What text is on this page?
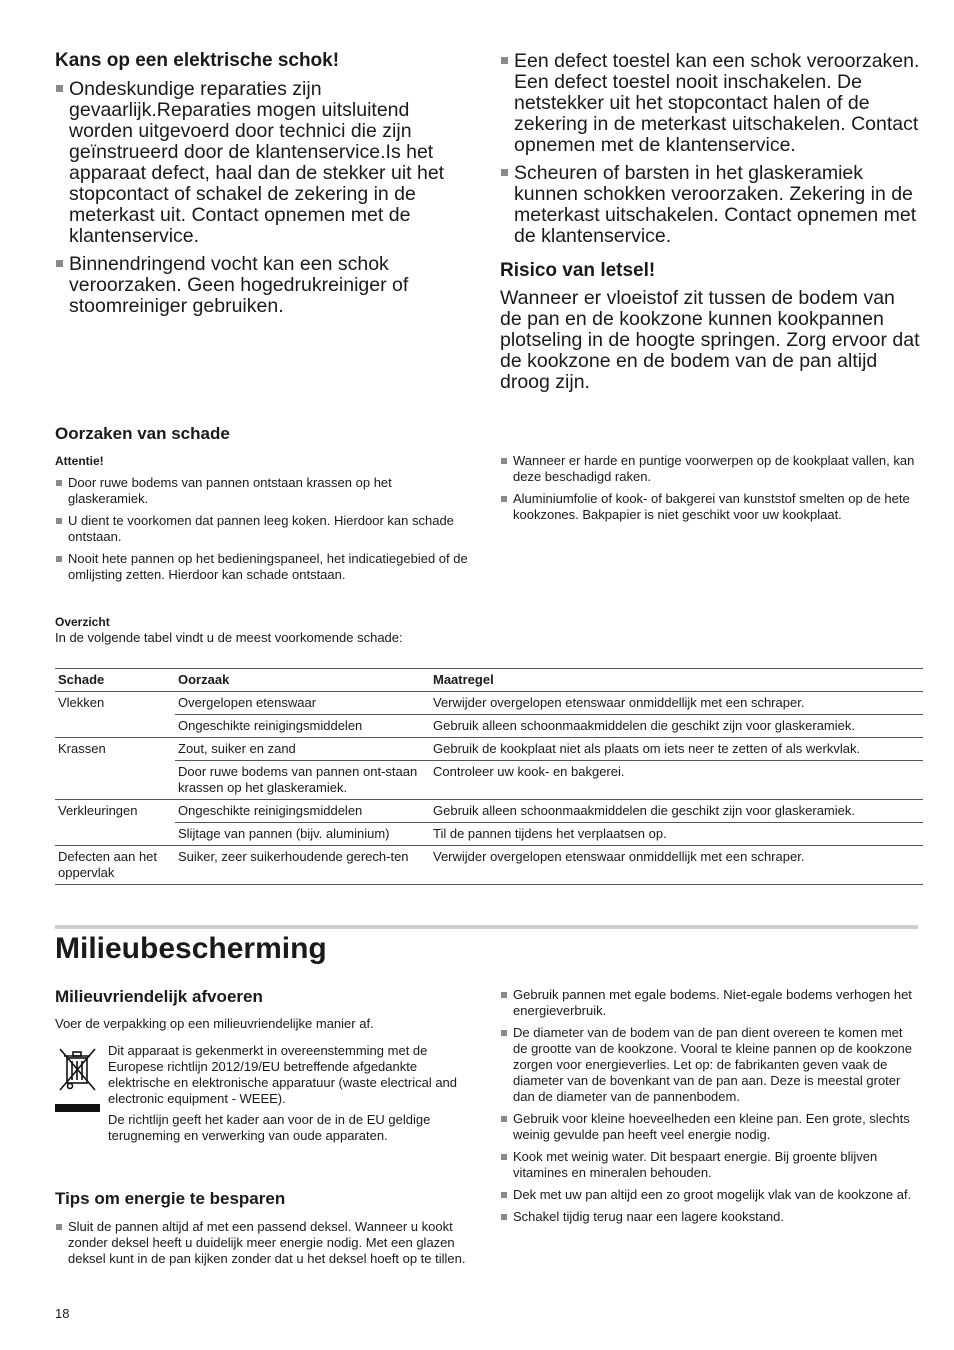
Kans op een elektrische schok!
Ondeskundige reparaties zijn gevaarlijk.Reparaties mogen uitsluitend worden uitgevoerd door technici die zijn geïnstrueerd door de klantenservice.Is het apparaat defect, haal dan de stekker uit het stopcontact of schakel de zekering in de meterkast uit. Contact opnemen met de klantenservice.
Binnendringend vocht kan een schok veroorzaken. Geen hogedrukreiniger of stoomreiniger gebruiken.
Een defect toestel kan een schok veroorzaken. Een defect toestel nooit inschakelen. De netstekker uit het stopcontact halen of de zekering in de meterkast uitschakelen. Contact opnemen met de klantenservice.
Scheuren of barsten in het glaskeramiek kunnen schokken veroorzaken. Zekering in de meterkast uitschakelen. Contact opnemen met de klantenservice.
Risico van letsel!

Wanneer er vloeistof zit tussen de bodem van de pan en de kookzone kunnen kookpannen plotseling in de hoogte springen. Zorg ervoor dat de kookzone en de bodem van de pan altijd droog zijn.

Oorzaken van schade

Attentie!

Door ruwe bodems van pannen ontstaan krassen op het glaskeramiek.
U dient te voorkomen dat pannen leeg koken. Hierdoor kan schade ontstaan.
Nooit hete pannen op het bedieningspaneel, het indicatiegebied of de omlijsting zetten. Hierdoor kan schade ontstaan.
Wanneer er harde en puntige voorwerpen op de kookplaat vallen, kan deze beschadigd raken.
Aluminiumfolie of kook- of bakgerei van kunststof smelten op de hete kookzones. Bakpapier is niet geschikt voor uw kookplaat.

Overzicht

In de volgende tabel vindt u de meest voorkomende schade:

Schade	Oorzaak	Maatregel
Vlekken	Overgelopen etenswaar	Verwijder overgelopen etenswaar onmiddellijk met een schraper.
	Ongeschikte reinigingsmiddelen	Gebruik alleen schoonmaakmiddelen die geschikt zijn voor glaskeramiek.
Krassen	Zout, suiker en zand	Gebruik de kookplaat niet als plaats om iets neer te zetten of als werkvlak.
	Door ruwe bodems van pannen ont-staan krassen op het glaskeramiek.	Controleer uw kook- en bakgerei.
Verkleuringen	Ongeschikte reinigingsmiddelen	Gebruik alleen schoonmaakmiddelen die geschikt zijn voor glaskeramiek.
	Slijtage van pannen (bijv. aluminium)	Til de pannen tijdens het verplaatsen op.
Defecten aan het oppervlak	Suiker, zeer suikerhoudende gerech-ten	Verwijder overgelopen etenswaar onmiddellijk met een schraper.
Milieubescherming
Milieuvriendelijk afvoeren

Voer de verpakking op een milieuvriendelijke manier af.

Dit apparaat is gekenmerkt in overeenstemming met de Europese richtlijn 2012/19/EU betreffende afgedankte elektrische en elektronische apparatuur (waste electrical and electronic equipment - WEEE).

De richtlijn geeft het kader aan voor de in de EU geldige terugneming en verwerking van oude apparaten.

Tips om energie te besparen
Sluit de pannen altijd af met een passend deksel. Wanneer u kookt zonder deksel heeft u duidelijk meer energie nodig. Met een glazen deksel kunt in de pan kijken zonder dat u het deksel hoeft op te tillen.
Gebruik pannen met egale bodems. Niet-egale bodems verhogen het energieverbruik.
De diameter van de bodem van de pan dient overeen te komen met de grootte van de kookzone. Vooral te kleine pannen op de kookzone zorgen voor energieverlies. Let op: de fabrikanten geven vaak de diameter van de bovenkant van de pan aan. Deze is meestal groter dan de diameter van de pannenbodem.
Gebruik voor kleine hoeveelheden een kleine pan. Een grote, slechts weinig gevulde pan heeft veel energie nodig.
Kook met weinig water. Dit bespaart energie. Bij groente blijven vitamines en mineralen behouden.
Dek met uw pan altijd een zo groot mogelijk vlak van de kookzone af.
Schakel tijdig terug naar een lagere kookstand.
18
